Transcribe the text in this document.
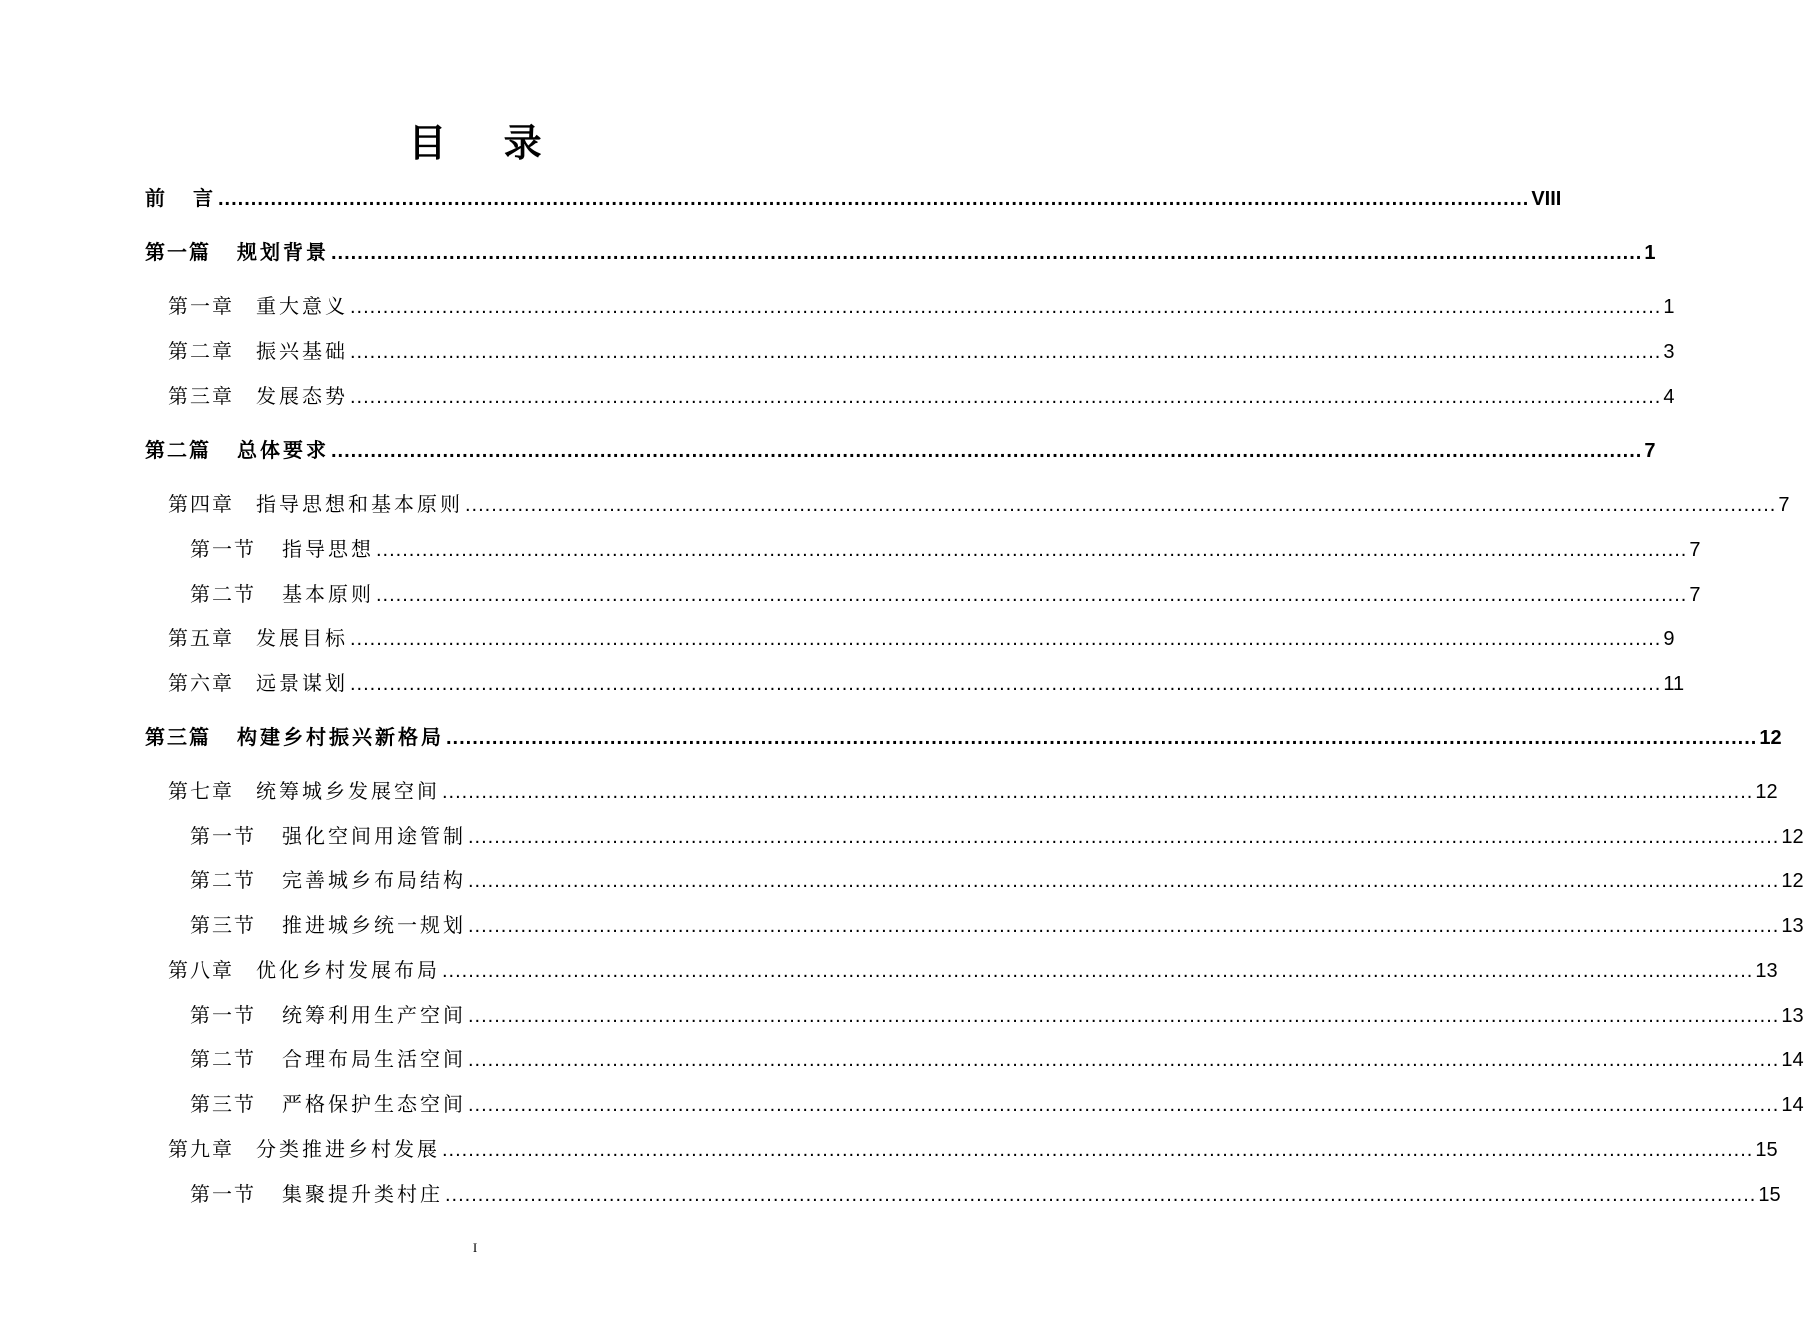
目 录
前 言 ........................................................................................................................................................................................................ VIII
第一篇 规划背景 ........................................................................................................................................................................................................ 1
第一章 重大意义 ........................................................................................................................................................................................................ 1
第二章 振兴基础 ........................................................................................................................................................................................................ 3
第三章 发展态势 ........................................................................................................................................................................................................ 4
第二篇 总体要求 ........................................................................................................................................................................................................ 7
第四章 指导思想和基本原则 ........................................................................................................................................................................................................ 7
第一节 指导思想 ........................................................................................................................................................................................................ 7
第二节 基本原则 ........................................................................................................................................................................................................ 7
第五章 发展目标 ........................................................................................................................................................................................................ 9
第六章 远景谋划 ........................................................................................................................................................................................................ 11
第三篇 构建乡村振兴新格局 ........................................................................................................................................................................................................ 12
第七章 统筹城乡发展空间 ........................................................................................................................................................................................................ 12
第一节 强化空间用途管制 ........................................................................................................................................................................................................ 12
第二节 完善城乡布局结构 ........................................................................................................................................................................................................ 12
第三节 推进城乡统一规划 ........................................................................................................................................................................................................ 13
第八章 优化乡村发展布局 ........................................................................................................................................................................................................ 13
第一节 统筹利用生产空间 ........................................................................................................................................................................................................ 13
第二节 合理布局生活空间 ........................................................................................................................................................................................................ 14
第三节 严格保护生态空间 ........................................................................................................................................................................................................ 14
第九章 分类推进乡村发展 ........................................................................................................................................................................................................ 15
第一节 集聚提升类村庄 ........................................................................................................................................................................................................ 15
I
